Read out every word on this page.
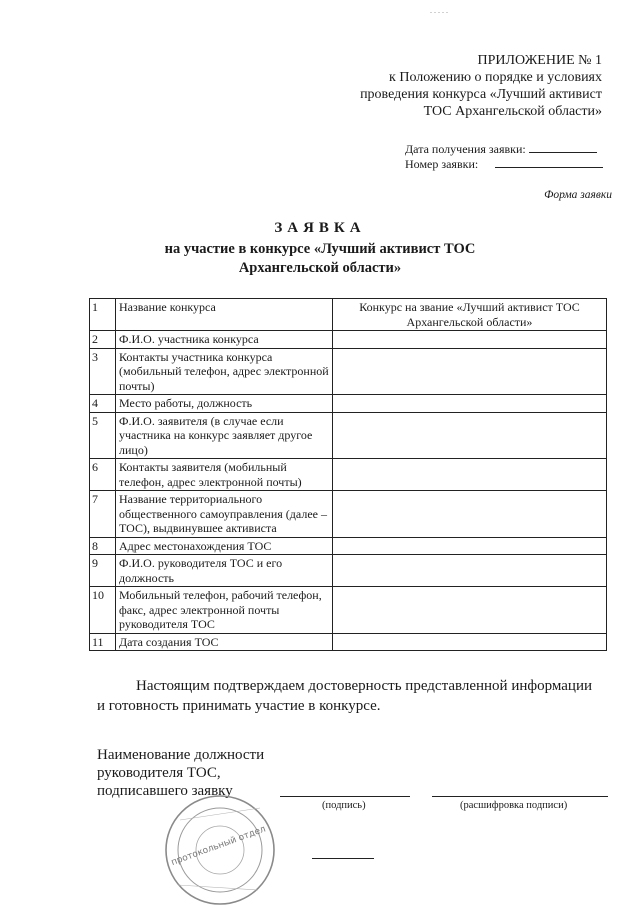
. . . . .
ПРИЛОЖЕНИЕ № 1
к Положению о порядке и условиях
проведения конкурса «Лучший активист
ТОС Архангельской области»
Дата получения заявки:
Номер заявки:
Форма заявки
ЗАЯВКА
на участие в конкурсе «Лучший активист ТОС
Архангельской области»
1	Название конкурса	Конкурс на звание «Лучший активист ТОС Архангельской области»
2	Ф.И.О. участника конкурса	
3	Контакты участника конкурса (мобильный телефон, адрес электронной почты)	
4	Место работы, должность	
5	Ф.И.О. заявителя (в случае если участника на конкурс заявляет другое лицо)	
6	Контакты заявителя (мобильный телефон, адрес электронной почты)	
7	Название территориального общественного самоуправления (далее – ТОС), выдвинувшее активиста	
8	Адрес местонахождения ТОС	
9	Ф.И.О. руководителя ТОС и его должность	
10	Мобильный телефон, рабочий телефон, факс, адрес электронной почты руководителя ТОС	
11	Дата создания ТОС	
Настоящим подтверждаем достоверность представленной информации
и готовность принимать участие в конкурсе.
Наименование должности
руководителя ТОС,
подписавшего заявку
(подпись)	(расшифровка подписи)
протокольный отдел
